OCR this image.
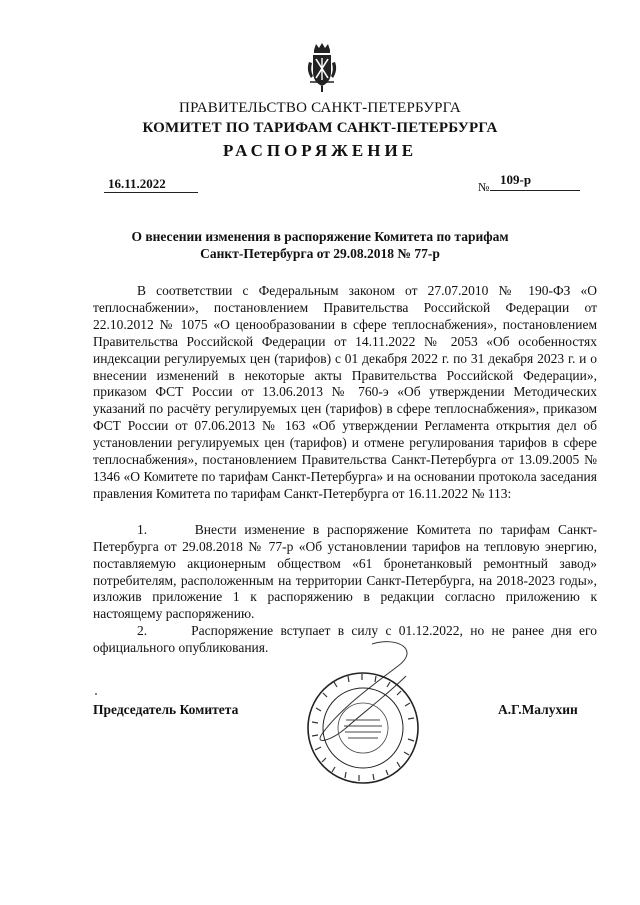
ПРАВИТЕЛЬСТВО САНКТ-ПЕТЕРБУРГА
КОМИТЕТ ПО ТАРИФАМ САНКТ-ПЕТЕРБУРГА
РАСПОРЯЖЕНИЕ
16.11.2022	№ 109-р
О внесении изменения в распоряжение Комитета по тарифам
Санкт-Петербурга от 29.08.2018 № 77-р

В соответствии с Федеральным законом от 27.07.2010 № 190-ФЗ «О теплоснабжении», постановлением Правительства Российской Федерации от 22.10.2012 № 1075 «О ценообразовании в сфере теплоснабжения», постановлением Правительства Российской Федерации от 14.11.2022 № 2053 «Об особенностях индексации регулируемых цен (тарифов) с 01 декабря 2022 г. по 31 декабря 2023 г. и о внесении изменений в некоторые акты Правительства Российской Федерации», приказом ФСТ России от 13.06.2013 № 760-э «Об утверждении Методических указаний по расчёту регулируемых цен (тарифов) в сфере теплоснабжения», приказом ФСТ России от 07.06.2013 № 163 «Об утверждении Регламента открытия дел об установлении регулируемых цен (тарифов) и отмене регулирования тарифов в сфере теплоснабжения», постановлением Правительства Санкт-Петербурга от 13.09.2005 № 1346 «О Комитете по тарифам Санкт-Петербурга» и на основании протокола заседания правления Комитета по тарифам Санкт-Петербурга от 16.11.2022 № 113:

1.      Внести изменение в распоряжение Комитета по тарифам Санкт-Петербурга от 29.08.2018 № 77-р «Об установлении тарифов на тепловую энергию, поставляемую акционерным обществом «61 бронетанковый ремонтный завод» потребителям, расположенным на территории Санкт-Петербурга, на 2018-2023 годы», изложив приложение 1 к распоряжению в редакции согласно приложению к настоящему распоряжению.

2.      Распоряжение вступает в силу с 01.12.2022, но не ранее дня его официального опубликования.

Председатель Комитета	А.Г.Малухин
